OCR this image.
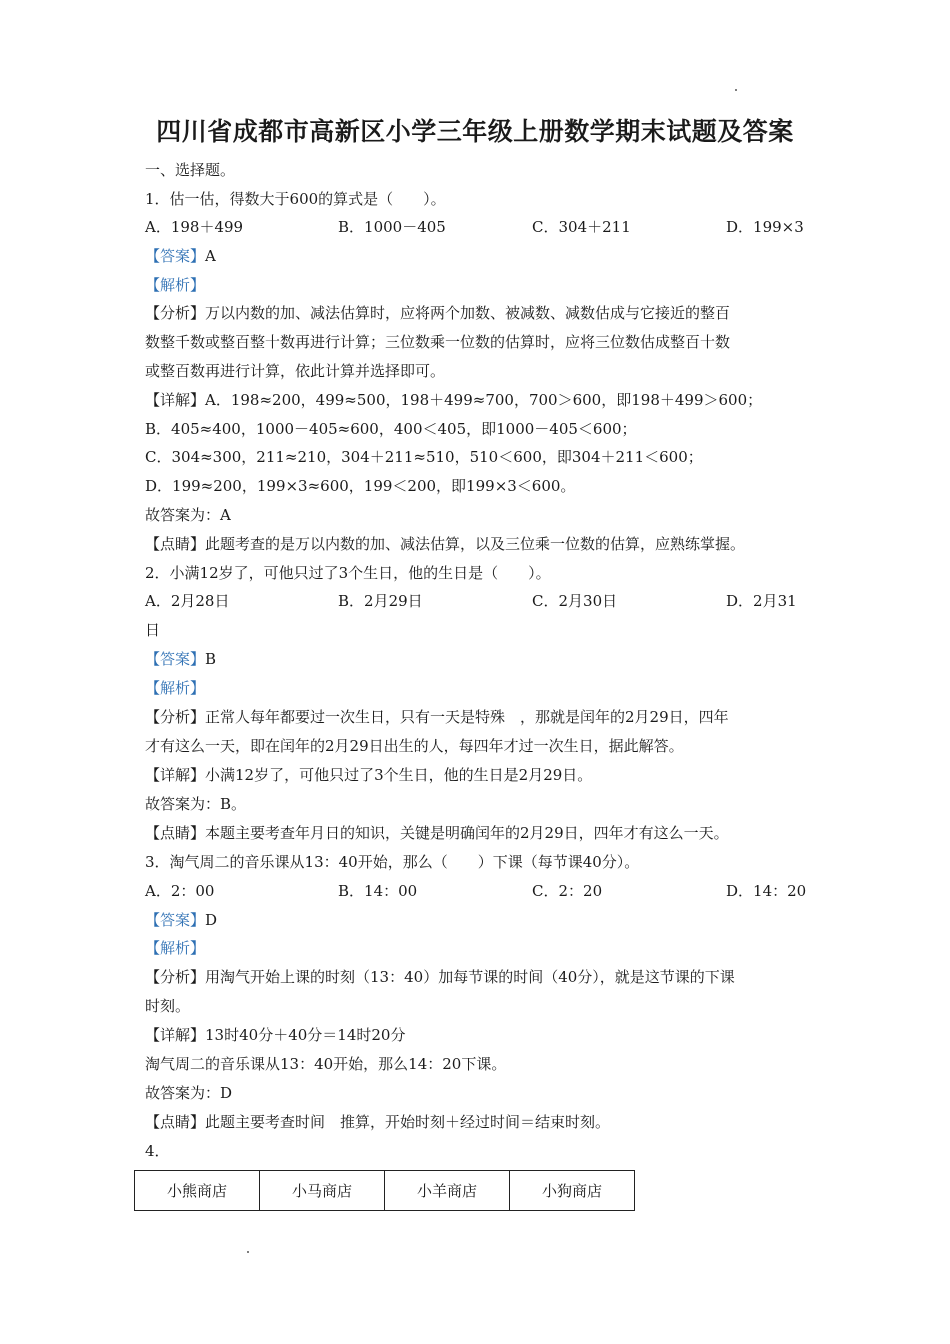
四川省成都市高新区小学三年级上册数学期末试题及答案
一、选择题。
1．估一估，得数大于600的算式是（　　）。
A．198＋499	B．1000－405	C．304＋211	D．199×3
【答案】A
【解析】
【分析】万以内数的加、减法估算时，应将两个加数、被减数、减数估成与它接近的整百
数整千数或整百整十数再进行计算；三位数乘一位数的估算时，应将三位数估成整百十数
或整百数再进行计算，依此计算并选择即可。
【详解】A．198≈200，499≈500，198＋499≈700，700＞600，即198＋499＞600；
B．405≈400，1000－405≈600，400＜405，即1000－405＜600；
C．304≈300，211≈210，304＋211≈510，510＜600，即304＋211＜600；
D．199≈200，199×3≈600，199＜200，即199×3＜600。
故答案为：A
【点睛】此题考查的是万以内数的加、减法估算，以及三位乘一位数的估算，应熟练掌握。
2．小满12岁了，可他只过了3个生日，他的生日是（　　）。
A．2月28日	B．2月29日	C．2月30日	D．2月31
日
【答案】B
【解析】
【分析】正常人每年都要过一次生日，只有一天是特殊　，那就是闰年的2月29日，四年
才有这么一天，即在闰年的2月29日出生的人，每四年才过一次生日，据此解答。
【详解】小满12岁了，可他只过了3个生日，他的生日是2月29日。
故答案为：B。
【点睛】本题主要考查年月日的知识，关键是明确闰年的2月29日，四年才有这么一天。
3．淘气周二的音乐课从13：40开始，那么（　　）下课（每节课40分）。
A．2：00	B．14：00	C．2：20	D．14：20
【答案】D
【解析】
【分析】用淘气开始上课的时刻（13：40）加每节课的时间（40分），就是这节课的下课
时刻。
【详解】13时40分＋40分＝14时20分
淘气周二的音乐课从13：40开始，那么14：20下课。
故答案为：D
【点睛】此题主要考查时间　推算，开始时刻＋经过时间＝结束时刻。
4．
小熊商店	小马商店	小羊商店	小狗商店
